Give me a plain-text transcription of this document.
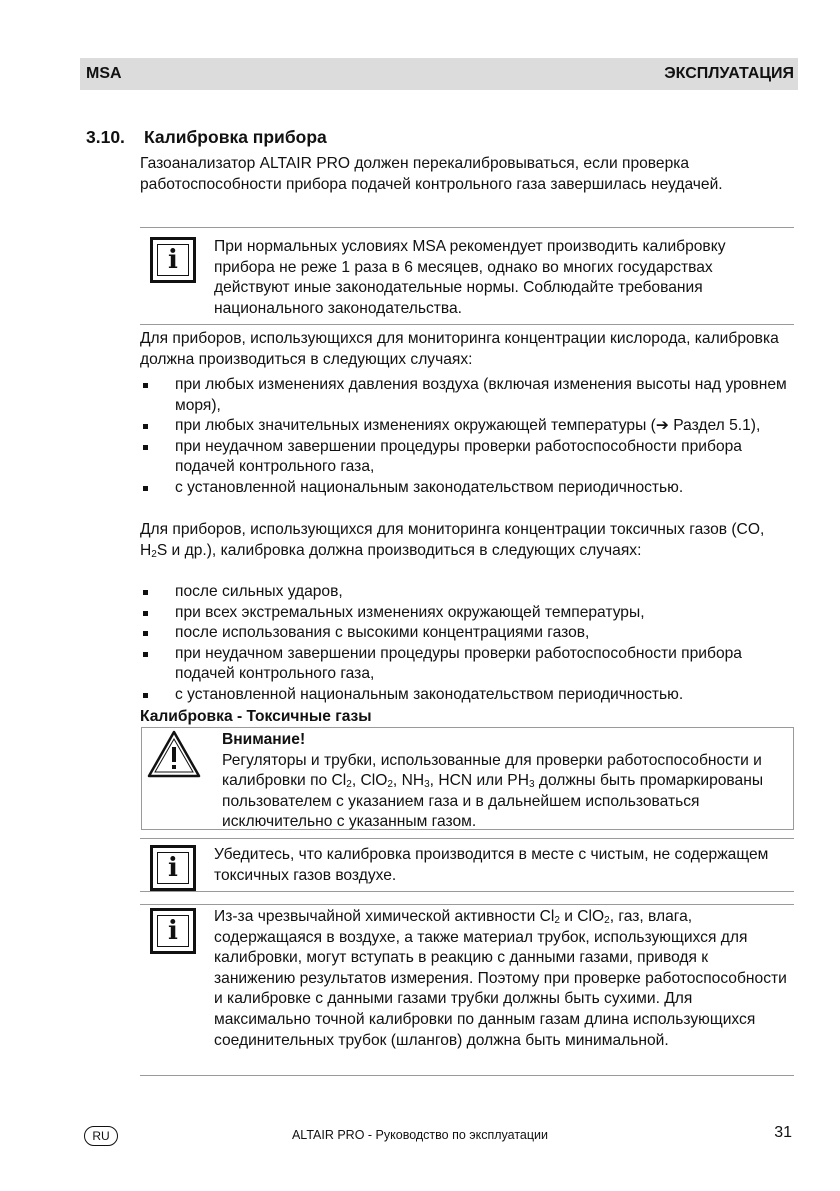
MSA	ЭКСПЛУАТАЦИЯ
3.10. Калибровка прибора
Газоанализатор ALTAIR PRO должен перекалибровываться, если проверка работоспособности прибора подачей контрольного газа завершилась неудачей.
i	При нормальных условиях MSA рекомендует производить калибровку прибора не реже 1 раза в 6 месяцев, однако во многих государствах действуют иные законодательные нормы. Соблюдайте требования национального законодательства.
Для приборов, использующихся для мониторинга концентрации кислорода, калибровка должна производиться в следующих случаях:
при любых изменениях давления воздуха (включая изменения высоты над уровнем моря),
при любых значительных изменениях окружающей температуры (➔ Раздел 5.1),
при неудачном завершении процедуры проверки работоспособности прибора подачей контрольного газа,
с установленной национальным законодательством периодичностью.
Для приборов, использующихся для мониторинга концентрации токсичных газов (CO, $H_2S$ и др.), калибровка должна производиться в следующих случаях:
после сильных ударов,
при всех экстремальных изменениях окружающей температуры,
после использования с высокими концентрациями газов,
при неудачном завершении процедуры проверки работоспособности прибора подачей контрольного газа,
с установленной национальным законодательством периодичностью.
Калибровка - Токсичные газы
Внимание!
Регуляторы и трубки, использованные для проверки работоспособности и калибровки по $Cl_2$, ClO$_2$, $NH_3$, HCN или $PH_3$ должны быть промаркированы пользователем с указанием газа и в дальнейшем использоваться исключительно с указанным газом.
i	Убедитесь, что калибровка производится в месте с чистым, не содержащем токсичных газов воздухе.
i	Из-за чрезвычайной химической активности $Cl_2$ и ClO$_2$, газ, влага, содержащаяся в воздухе, а также материал трубок, использующихся для калибровки, могут вступать в реакцию с данными газами, приводя к занижению результатов измерения. Поэтому при проверке работоспособности и калибровке с данными газами трубки должны быть сухими. Для максимально точной калибровки по данным газам длина использующихся соединительных трубок (шлангов) должна быть минимальной.
RU	ALTAIR PRO - Руководство по эксплуатации	31
